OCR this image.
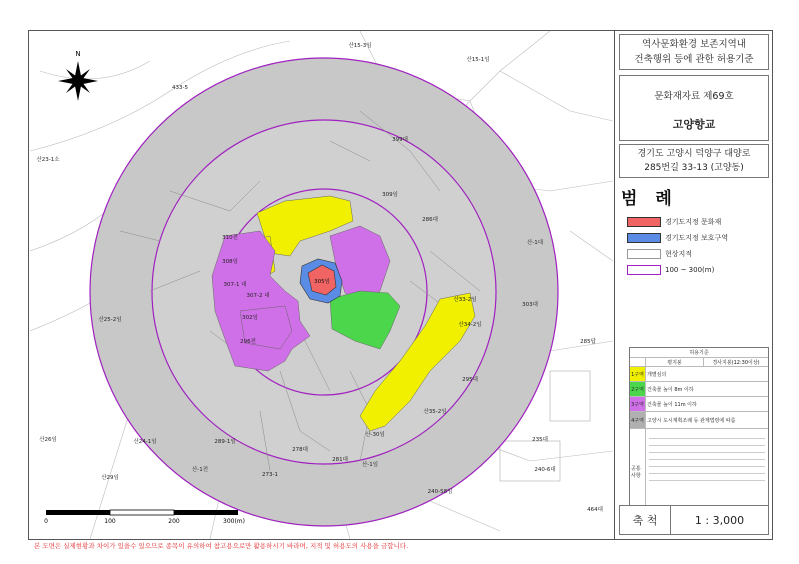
305임
310전
308임
307-1 대
307-2 대
302임
296전
산25-2임
산24-1임
산26임
산23-1소
산15-3임
산15-1임
433-5
399대
309임
산-1대
산33-2임
산35-2임
산-30임
303대
295대
235대
240-6대
240-58임
464대
산34-2임
산29임
285답
산-1임
산-1전
289-1임
273-1
278대
281대
286대
N
0	100	200	300(m)
역사문화환경 보존지역내
건축행위 등에 관한 허용기준
문화재자료 제69호
고양향교
경기도 고양시 덕양구 대양로
285번길 33-13 (고양동)
범 례
경기도지정 문화재
경기도지정 보호구역
현상지적
100 ~ 300(m)
허용기준
평지붕	경사지붕(12:30이상)
1구역 개별심의
2구역 건축물 높이 8m 이하
3구역 건축물 높이 11m 이하
4구역 고양시 도시계획조례 등 관계법령에 따름
공통사항
축 척	1 : 3,000
본 도면은 실제현황과 차이가 있을수 있으므로 종목이 유의하여 참고용으로만 활용하시기 바라며, 지적 및 허용도의 사용을 금합니다.
